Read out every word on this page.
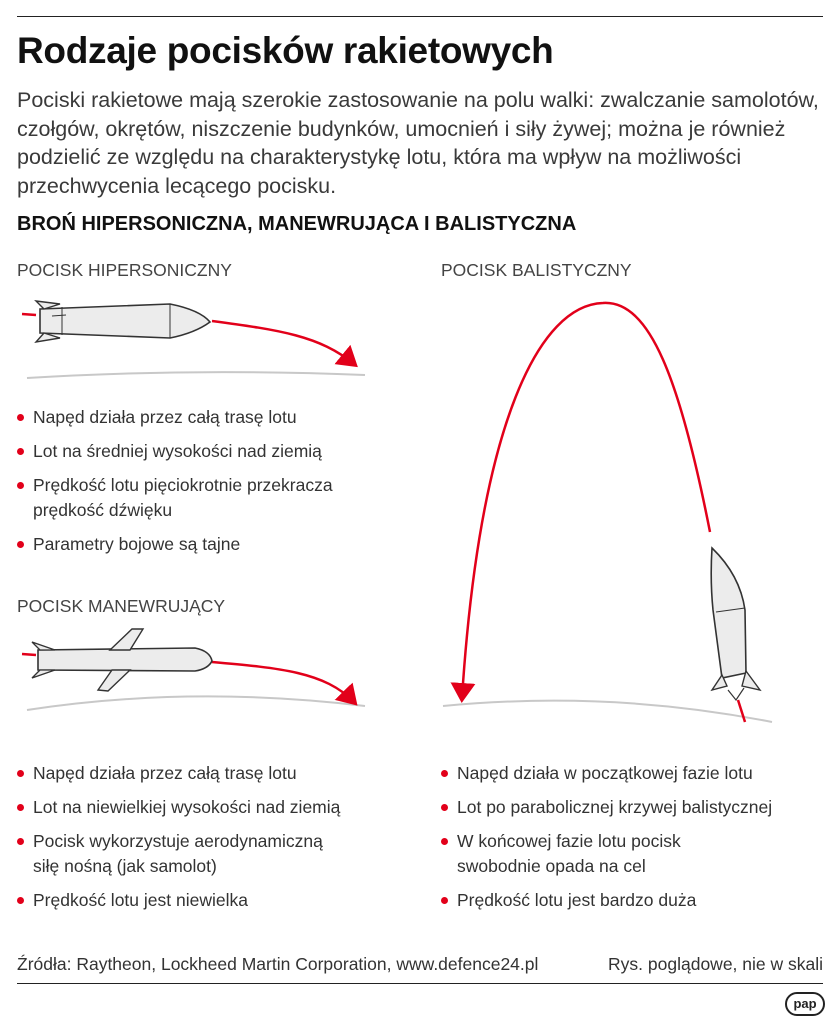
Rodzaje pocisków rakietowych

Pociski rakietowe mają szerokie zastosowanie na polu walki: zwalczanie samolotów, czołgów, okrętów, niszczenie budynków, umocnień i siły żywej; można je również podzielić ze względu na charakterystykę lotu, która ma wpływ na możliwości przechwycenia lecącego pocisku.

BROŃ HIPERSONICZNA, MANEWRUJĄCA I BALISTYCZNA
POCISK HIPERSONICZNY	POCISK BALISTYCZNY
POCISK MANEWRUJĄCY
Napęd działa przez całą trasę lotu
Lot na średniej wysokości nad ziemią
Prędkość lotu pięciokrotnie przekracza prędkość dźwięku
Parametry bojowe są tajne
Napęd działa przez całą trasę lotu
Lot na niewielkiej wysokości nad ziemią
Pocisk wykorzystuje aerodynamiczną siłę nośną (jak samolot)
Prędkość lotu jest niewielka
Napęd działa w początkowej fazie lotu
Lot po parabolicznej krzywej balistycznej
W końcowej fazie lotu pocisk swobodnie opada na cel
Prędkość lotu jest bardzo duża
Źródła: Raytheon, Lockheed Martin Corporation, www.defence24.pl	Rys. poglądowe, nie w skali
pap
